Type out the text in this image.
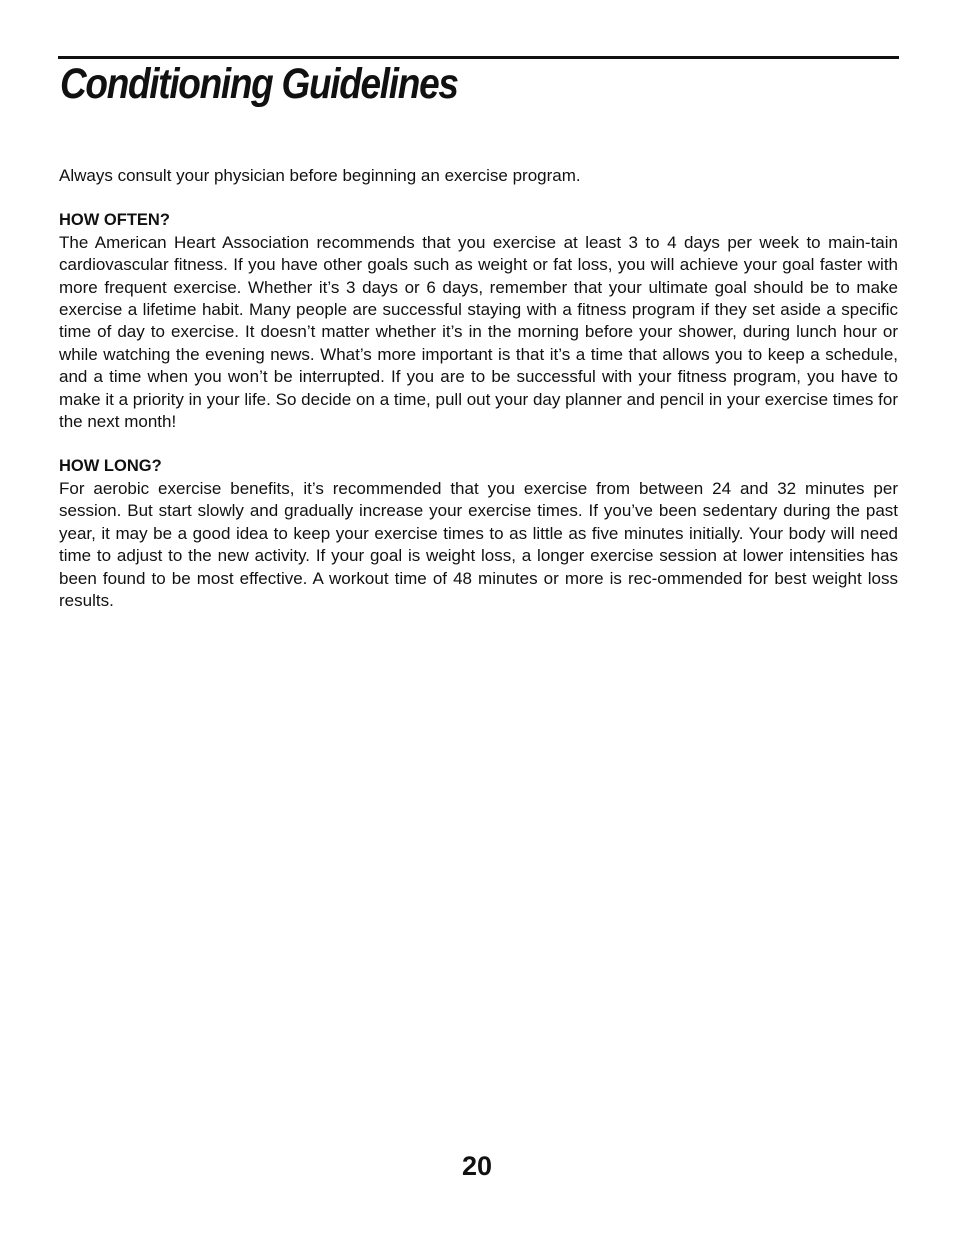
Conditioning Guidelines

Always consult your physician before beginning an exercise program.

HOW OFTEN?

The American Heart Association recommends that you exercise at least 3 to 4 days per week to main-tain cardiovascular fitness. If you have other goals such as weight or fat loss, you will achieve your goal faster with more frequent exercise. Whether it’s 3 days or 6 days, remember that your ultimate goal should be to make exercise a lifetime habit. Many people are successful staying with a fitness program if they set aside a specific time of day to exercise. It doesn’t matter whether it’s in the morning before your shower, during lunch hour or while watching the evening news. What’s more important is that it’s a time that allows you to keep a schedule, and a time when you won’t be interrupted. If you are to be successful with your fitness program, you have to make it a priority in your life. So decide on a time, pull out your day planner and pencil in your exercise times for the next month!

HOW LONG?

For aerobic exercise benefits, it’s recommended that you exercise from between 24 and 32 minutes per session. But start slowly and gradually increase your exercise times. If you’ve been sedentary during the past year, it may be a good idea to keep your exercise times to as little as five minutes initially. Your body will need time to adjust to the new activity. If your goal is weight loss, a longer exercise session at lower intensities has been found to be most effective. A workout time of 48 minutes or more is rec-ommended for best weight loss results.

20
